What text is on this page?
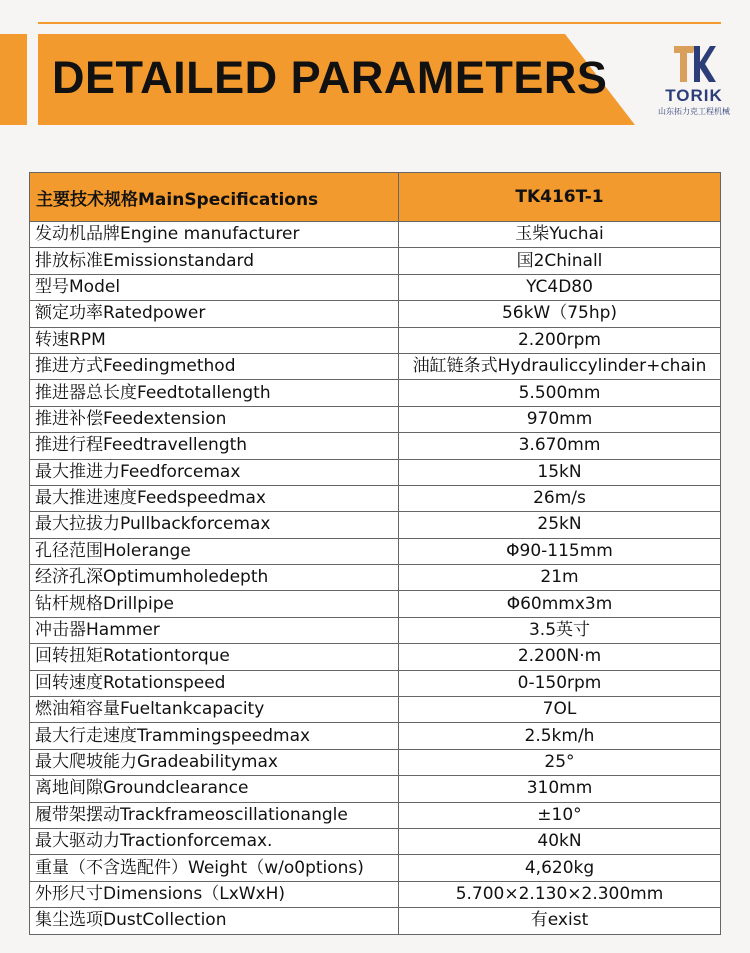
DETAILED PARAMETERS	TORIK
山东拓力克工程机械
主要技术规格MainSpecifications	TK416T-1
发动机品牌Engine manufacturer	玉柴Yuchai
排放标准Emissionstandard	国2Chinall
型号Model	YC4D80
额定功率Ratedpower	56kW（75hp)
转速RPM	2.200rpm
推进方式Feedingmethod	油缸链条式Hydrauliccylinder+chain
推进器总长度Feedtotallength	5.500mm
推进补偿Feedextension	970mm
推进行程Feedtravellength	3.670mm
最大推进力Feedforcemax	15kN
最大推进速度Feedspeedmax	26m/s
最大拉拔力Pullbackforcemax	25kN
孔径范围Holerange	Φ90-115mm
经济孔深Optimumholedepth	21m
钻杆规格Drillpipe	Φ60mmx3m
冲击器Hammer	3.5英寸
回转扭矩Rotationtorque	2.200N·m
回转速度Rotationspeed	0-150rpm
燃油箱容量Fueltankcapacity	7OL
最大行走速度Trammingspeedmax	2.5km/h
最大爬坡能力Gradeabilitymax	25°
离地间隙Groundclearance	310mm
履带架摆动Trackframeoscillationangle	±10°
最大驱动力Tractionforcemax.	40kN
重量（不含选配件）Weight（w/o0ptions)	4,620kg
外形尺寸Dimensions（LxWxH)	5.700×2.130×2.300mm
集尘选项DustCollection	有exist
